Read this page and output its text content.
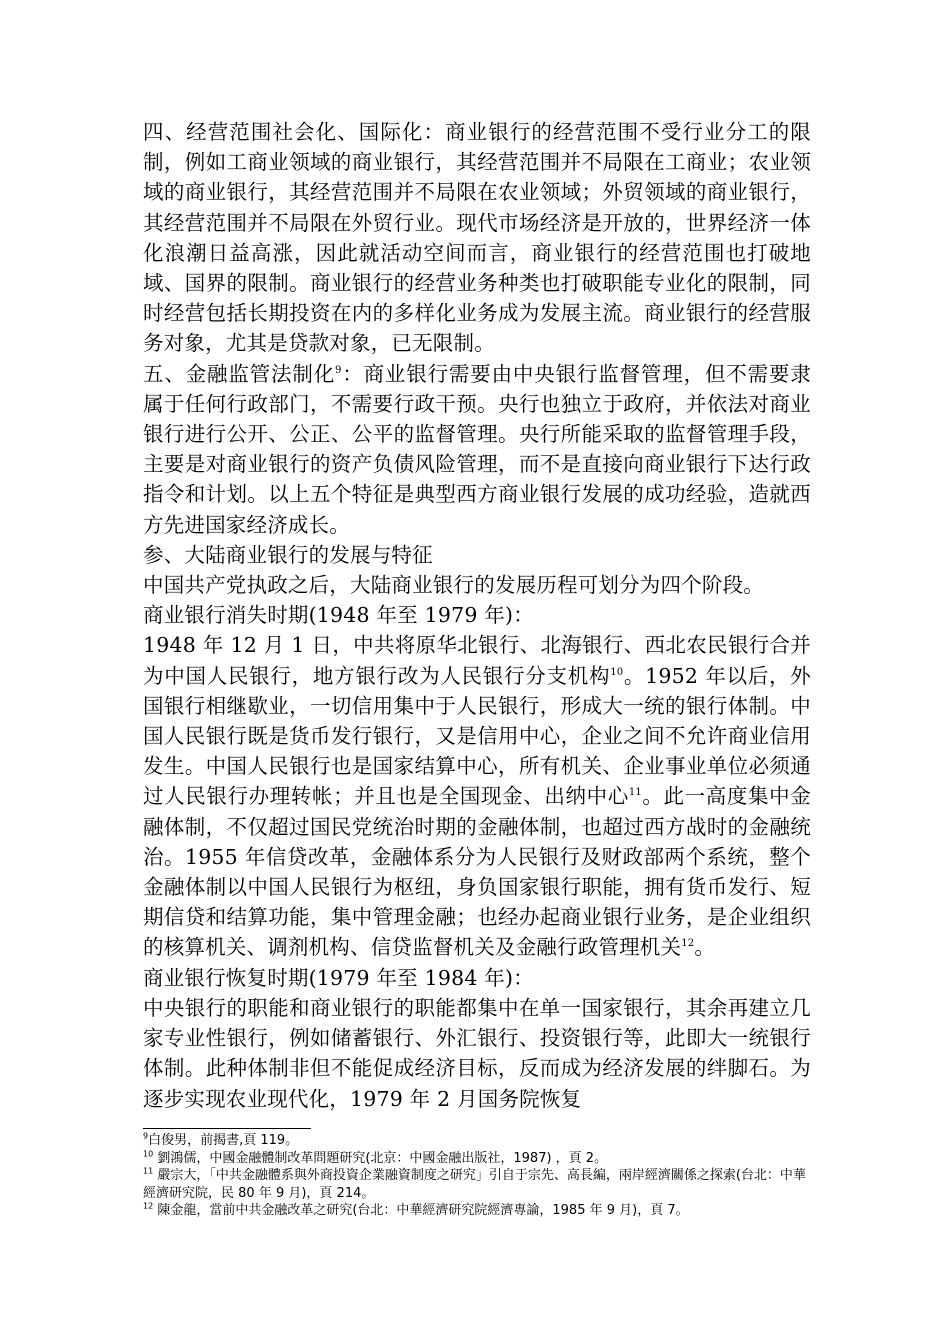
四、经营范围社会化、国际化：商业银行的经营范围不受行业分工的限制，例如工商业领域的商业银行，其经营范围并不局限在工商业；农业领域的商业银行，其经营范围并不局限在农业领域；外贸领域的商业银行，其经营范围并不局限在外贸行业。现代市场经济是开放的，世界经济一体化浪潮日益高涨，因此就活动空间而言，商业银行的经营范围也打破地域、国界的限制。商业银行的经营业务种类也打破职能专业化的限制，同时经营包括长期投资在内的多样化业务成为发展主流。商业银行的经营服务对象，尤其是贷款对象，已无限制。

五、金融监管法制化$^9$：商业银行需要由中央银行监督管理，但不需要隶属于任何行政部门，不需要行政干预。央行也独立于政府，并依法对商业银行进行公开、公正、公平的监督管理。央行所能采取的监督管理手段，主要是对商业银行的资产负债风险管理，而不是直接向商业银行下达行政指令和计划。以上五个特征是典型西方商业银行发展的成功经验，造就西方先进国家经济成长。

参、大陆商业银行的发展与特征

中国共产党执政之后，大陆商业银行的发展历程可划分为四个阶段。

商业银行消失时期(1948 年至 1979 年)：

1948 年 12 月 1 日，中共将原华北银行、北海银行、西北农民银行合并为中国人民银行，地方银行改为人民银行分支机构$^{10}$。1952 年以后，外国银行相继歇业，一切信用集中于人民银行，形成大一统的银行体制。中国人民银行既是货币发行银行，又是信用中心，企业之间不允许商业信用发生。中国人民银行也是国家结算中心，所有机关、企业事业单位必须通过人民银行办理转帐；并且也是全国现金、出纳中心$^{11}$。此一高度集中金融体制，不仅超过国民党统治时期的金融体制，也超过西方战时的金融统治。1955 年信贷改革，金融体系分为人民银行及财政部两个系统，整个金融体制以中国人民银行为枢纽，身负国家银行职能，拥有货币发行、短期信贷和结算功能，集中管理金融；也经办起商业银行业务，是企业组织的核算机关、调剂机构、信贷监督机关及金融行政管理机关$^{12}$。

商业银行恢复时期(1979 年至 1984 年)：

中央银行的职能和商业银行的职能都集中在单一国家银行，其余再建立几家专业性银行，例如储蓄银行、外汇银行、投资银行等，此即大一统银行体制。此种体制非但不能促成经济目标，反而成为经济发展的绊脚石。为逐步实现农业现代化，1979 年 2 月国务院恢复

$^9$白俊男，前揭書,頁 119。

$^{10}$ 劉鴻儒，中國金融體制改革問題研究(北京：中國金融出版社，1987) ，頁 2。

$^{11}$ 嚴宗大，「中共金融體系與外商投資企業融資制度之研究」引自于宗先、高長編，兩岸經濟關係之探索(台北：中華經濟研究院，民 80 年 9 月)，頁 214。

$^{12}$ 陳金龍，當前中共金融改革之研究(台北：中華經濟研究院經濟專論，1985 年 9 月)，頁 7。
